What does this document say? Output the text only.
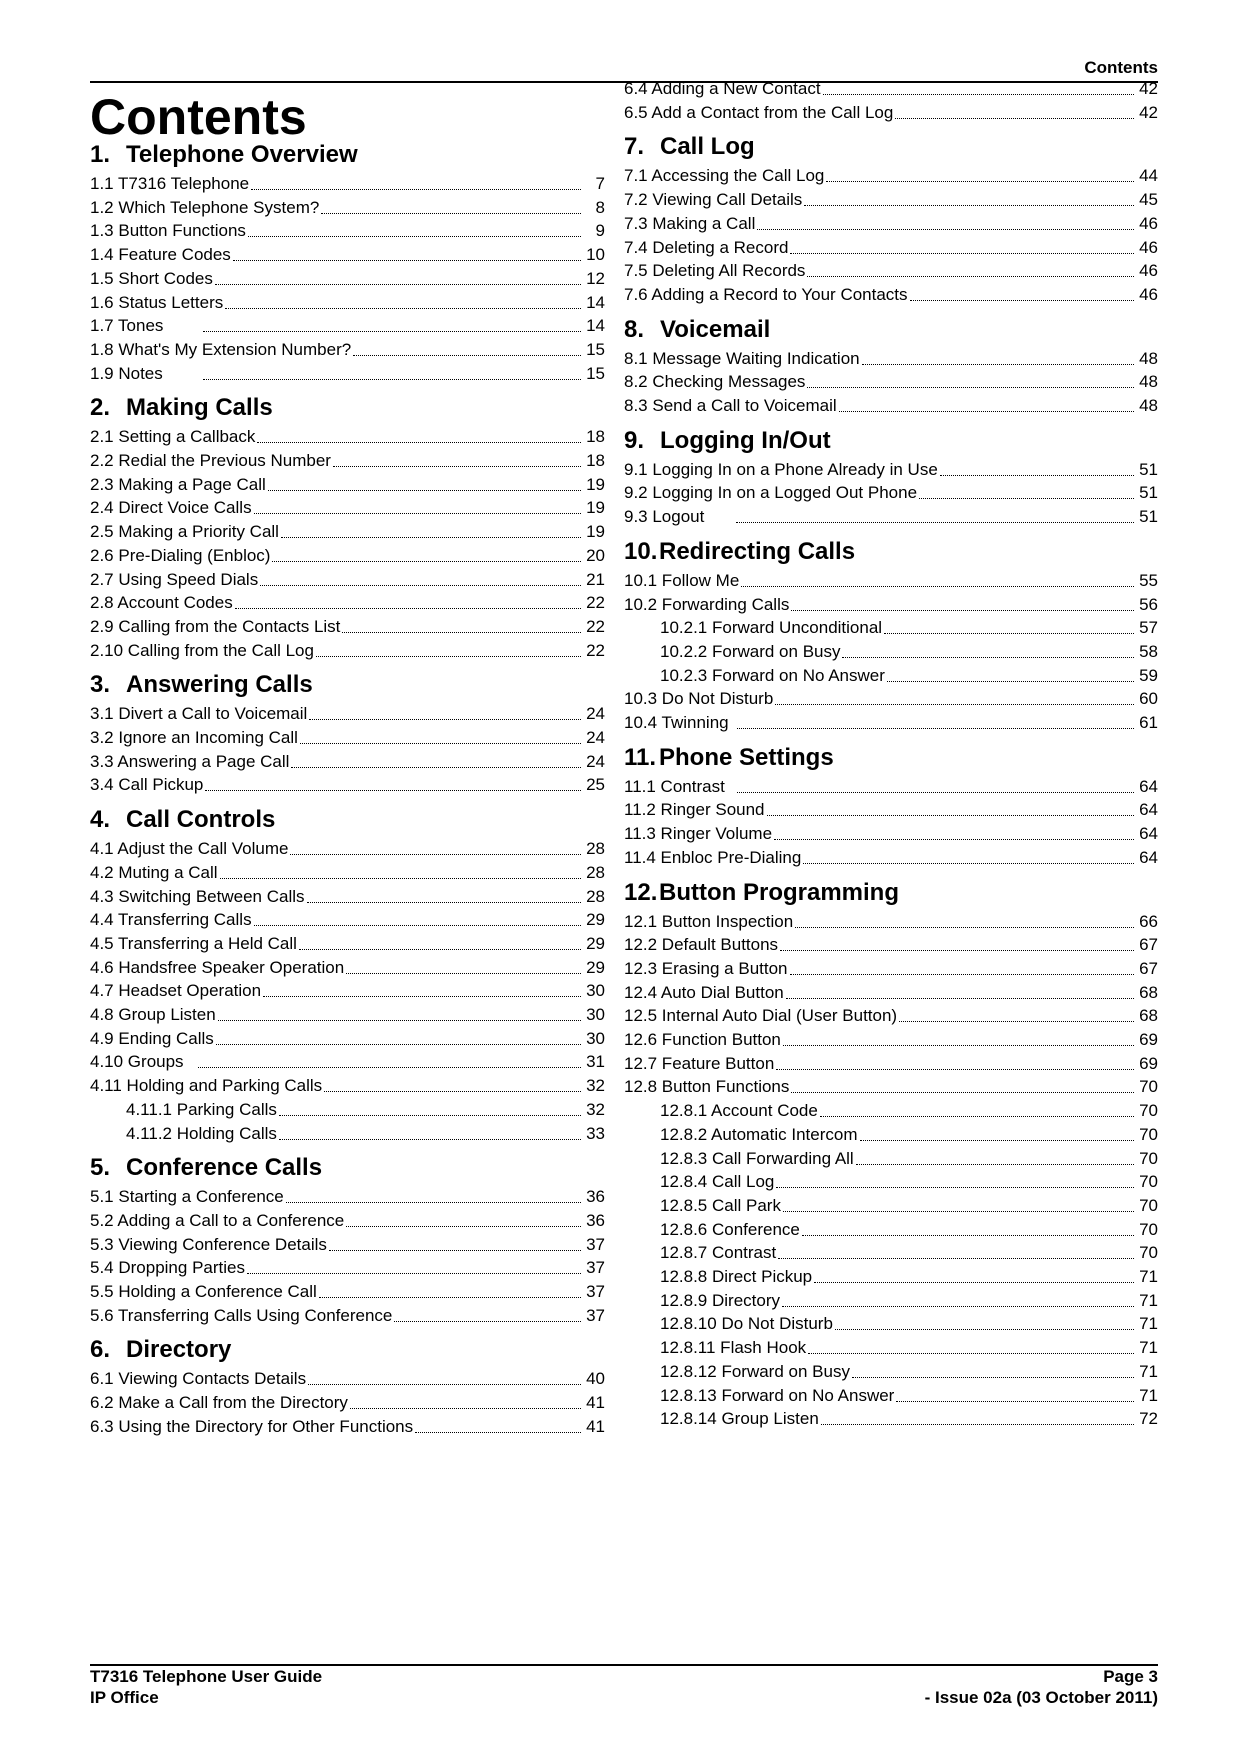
Contents
Contents
1. Telephone Overview
1.1 T7316 Telephone	7
1.2 Which Telephone System?	8
1.3 Button Functions	9
1.4 Feature Codes	10
1.5 Short Codes	12
1.6 Status Letters	14
1.7 Tones	14
1.8 What's My Extension Number?	15
1.9 Notes	15
2. Making Calls
2.1 Setting a Callback	18
2.2 Redial the Previous Number	18
2.3 Making a Page Call	19
2.4 Direct Voice Calls	19
2.5 Making a Priority Call	19
2.6 Pre-Dialing (Enbloc)	20
2.7 Using Speed Dials	21
2.8 Account Codes	22
2.9 Calling from the Contacts List	22
2.10 Calling from the Call Log	22
3. Answering Calls
3.1 Divert a Call to Voicemail	24
3.2 Ignore an Incoming Call	24
3.3 Answering a Page Call	24
3.4 Call Pickup	25
4. Call Controls
4.1 Adjust the Call Volume	28
4.2 Muting a Call	28
4.3 Switching Between Calls	28
4.4 Transferring Calls	29
4.5 Transferring a Held Call	29
4.6 Handsfree Speaker Operation	29
4.7 Headset Operation	30
4.8 Group Listen	30
4.9 Ending Calls	30
4.10 Groups	31
4.11 Holding and Parking Calls	32
4.11.1 Parking Calls	32
4.11.2 Holding Calls	33
5. Conference Calls
5.1 Starting a Conference	36
5.2 Adding a Call to a Conference	36
5.3 Viewing Conference Details	37
5.4 Dropping Parties	37
5.5 Holding a Conference Call	37
5.6 Transferring Calls Using Conference	37
6. Directory
6.1 Viewing Contacts Details	40
6.2 Make a Call from the Directory	41
6.3 Using the Directory for Other Functions	41
6.4 Adding a New Contact	42
6.5 Add a Contact from the Call Log	42
7. Call Log
7.1 Accessing the Call Log	44
7.2 Viewing Call Details	45
7.3 Making a Call	46
7.4 Deleting a Record	46
7.5 Deleting All Records	46
7.6 Adding a Record to Your Contacts	46
8. Voicemail
8.1 Message Waiting Indication	48
8.2 Checking Messages	48
8.3 Send a Call to Voicemail	48
9. Logging In/Out
9.1 Logging In on a Phone Already in Use	51
9.2 Logging In on a Logged Out Phone	51
9.3 Logout	51
10.Redirecting Calls
10.1 Follow Me	55
10.2 Forwarding Calls	56
10.2.1 Forward Unconditional	57
10.2.2 Forward on Busy	58
10.2.3 Forward on No Answer	59
10.3 Do Not Disturb	60
10.4 Twinning	61
11. Phone Settings
11.1 Contrast	64
11.2 Ringer Sound	64
11.3 Ringer Volume	64
11.4 Enbloc Pre-Dialing	64
12.Button Programming
12.1 Button Inspection	66
12.2 Default Buttons	67
12.3 Erasing a Button	67
12.4 Auto Dial Button	68
12.5 Internal Auto Dial (User Button)	68
12.6 Function Button	69
12.7 Feature Button	69
12.8 Button Functions	70
12.8.1 Account Code	70
12.8.2 Automatic Intercom	70
12.8.3 Call Forwarding All	70
12.8.4 Call Log	70
12.8.5 Call Park	70
12.8.6 Conference	70
12.8.7 Contrast	70
12.8.8 Direct Pickup	71
12.8.9 Directory	71
12.8.10 Do Not Disturb	71
12.8.11 Flash Hook	71
12.8.12 Forward on Busy	71
12.8.13 Forward on No Answer	71
12.8.14 Group Listen	72
T7316 Telephone User Guide
IP Office
Page 3
- Issue 02a (03 October 2011)
